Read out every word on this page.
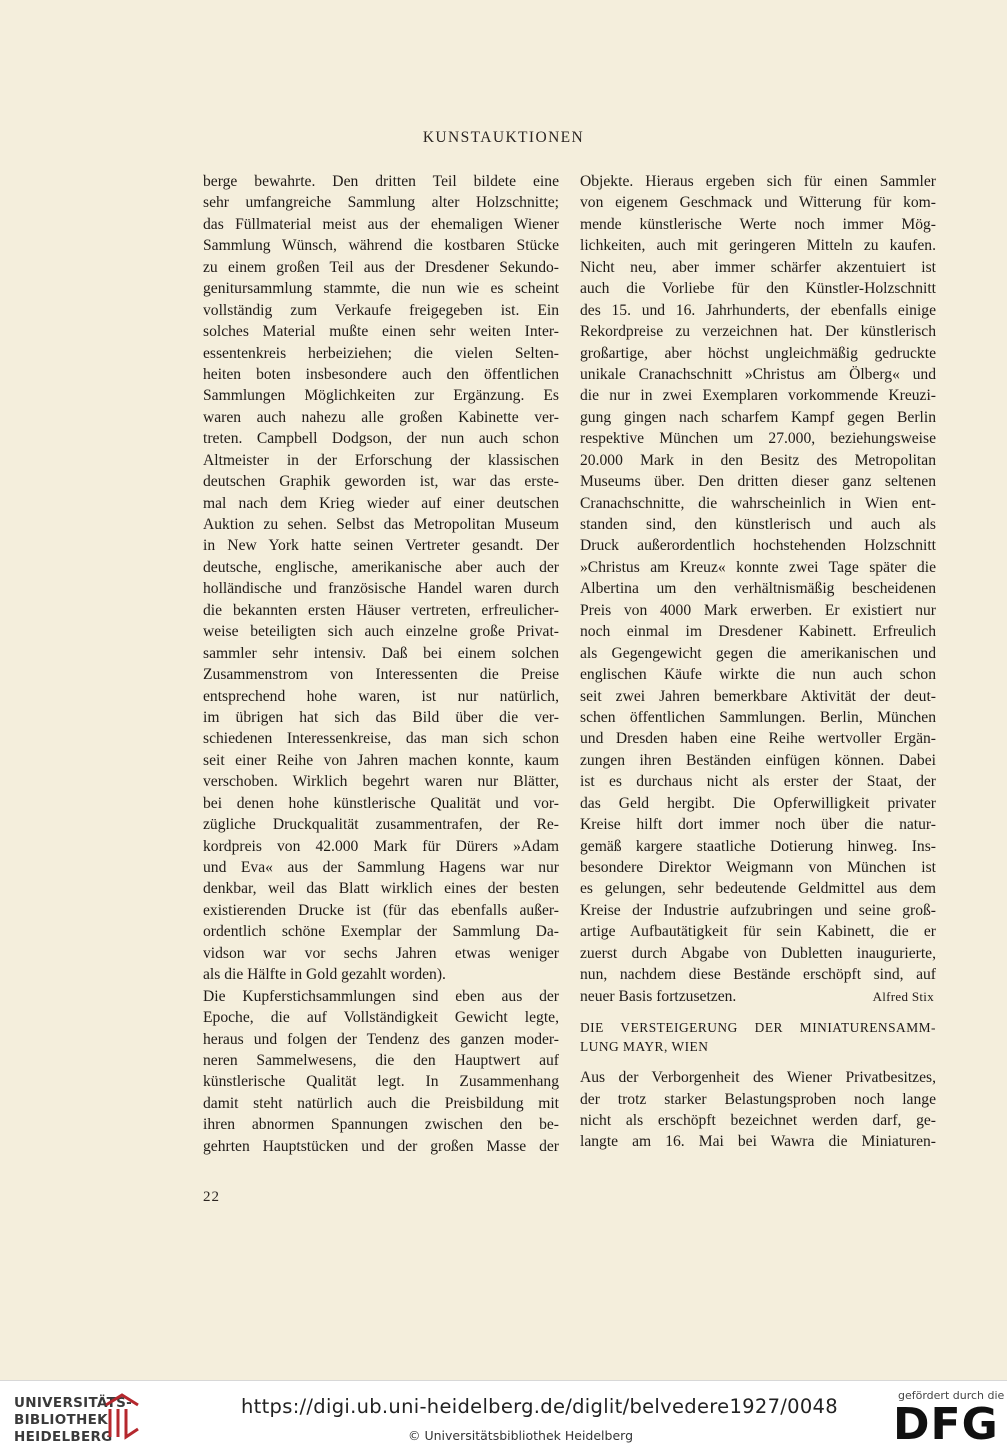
KUNSTAUKTIONEN
berge bewahrte. Den dritten Teil bildete eine
sehr umfangreiche Sammlung alter Holzschnitte;
das Füllmaterial meist aus der ehemaligen Wiener
Sammlung Wünsch, während die kostbaren Stücke
zu einem großen Teil aus der Dresdener Sekundo-
genitursammlung stammte, die nun wie es scheint
vollständig zum Verkaufe freigegeben ist. Ein
solches Material mußte einen sehr weiten Inter-
essentenkreis herbeiziehen; die vielen Selten-
heiten boten insbesondere auch den öffentlichen
Sammlungen Möglichkeiten zur Ergänzung. Es
waren auch nahezu alle großen Kabinette ver-
treten. Campbell Dodgson, der nun auch schon
Altmeister in der Erforschung der klassischen
deutschen Graphik geworden ist, war das erste-
mal nach dem Krieg wieder auf einer deutschen
Auktion zu sehen. Selbst das Metropolitan Museum
in New York hatte seinen Vertreter gesandt. Der
deutsche, englische, amerikanische aber auch der
holländische und französische Handel waren durch
die bekannten ersten Häuser vertreten, erfreulicher-
weise beteiligten sich auch einzelne große Privat-
sammler sehr intensiv. Daß bei einem solchen
Zusammenstrom von Interessenten die Preise
entsprechend hohe waren, ist nur natürlich,
im übrigen hat sich das Bild über die ver-
schiedenen Interessenkreise, das man sich schon
seit einer Reihe von Jahren machen konnte, kaum
verschoben. Wirklich begehrt waren nur Blätter,
bei denen hohe künstlerische Qualität und vor-
zügliche Druckqualität zusammentrafen, der Re-
kordpreis von 42.000 Mark für Dürers »Adam
und Eva« aus der Sammlung Hagens war nur
denkbar, weil das Blatt wirklich eines der besten
existierenden Drucke ist (für das ebenfalls außer-
ordentlich schöne Exemplar der Sammlung Da-
vidson war vor sechs Jahren etwas weniger
als die Hälfte in Gold gezahlt worden).
Die Kupferstichsammlungen sind eben aus der
Epoche, die auf Vollständigkeit Gewicht legte,
heraus und folgen der Tendenz des ganzen moder-
neren Sammelwesens, die den Hauptwert auf
künstlerische Qualität legt. In Zusammenhang
damit steht natürlich auch die Preisbildung mit
ihren abnormen Spannungen zwischen den be-
gehrten Hauptstücken und der großen Masse der
Objekte. Hieraus ergeben sich für einen Sammler
von eigenem Geschmack und Witterung für kom-
mende künstlerische Werte noch immer Mög-
lichkeiten, auch mit geringeren Mitteln zu kaufen.
Nicht neu, aber immer schärfer akzentuiert ist
auch die Vorliebe für den Künstler-Holzschnitt
des 15. und 16. Jahrhunderts, der ebenfalls einige
Rekordpreise zu verzeichnen hat. Der künstlerisch
großartige, aber höchst ungleichmäßig gedruckte
unikale Cranachschnitt »Christus am Ölberg« und
die nur in zwei Exemplaren vorkommende Kreuzi-
gung gingen nach scharfem Kampf gegen Berlin
respektive München um 27.000, beziehungsweise
20.000 Mark in den Besitz des Metropolitan
Museums über. Den dritten dieser ganz seltenen
Cranachschnitte, die wahrscheinlich in Wien ent-
standen sind, den künstlerisch und auch als
Druck außerordentlich hochstehenden Holzschnitt
»Christus am Kreuz« konnte zwei Tage später die
Albertina um den verhältnismäßig bescheidenen
Preis von 4000 Mark erwerben. Er existiert nur
noch einmal im Dresdener Kabinett. Erfreulich
als Gegengewicht gegen die amerikanischen und
englischen Käufe wirkte die nun auch schon
seit zwei Jahren bemerkbare Aktivität der deut-
schen öffentlichen Sammlungen. Berlin, München
und Dresden haben eine Reihe wertvoller Ergän-
zungen ihren Beständen einfügen können. Dabei
ist es durchaus nicht als erster der Staat, der
das Geld hergibt. Die Opferwilligkeit privater
Kreise hilft dort immer noch über die natur-
gemäß kargere staatliche Dotierung hinweg. Ins-
besondere Direktor Weigmann von München ist
es gelungen, sehr bedeutende Geldmittel aus dem
Kreise der Industrie aufzubringen und seine groß-
artige Aufbautätigkeit für sein Kabinett, die er
zuerst durch Abgabe von Dubletten inaugurierte,
nun, nachdem diese Bestände erschöpft sind, auf
neuer Basis fortzusetzen.	Alfred Stix
DIE VERSTEIGERUNG DER MINIATURENSAMM-
LUNG MAYR, WIEN
Aus der Verborgenheit des Wiener Privatbesitzes,
der trotz starker Belastungsproben noch lange
nicht als erschöpft bezeichnet werden darf, ge-
langte am 16. Mai bei Wawra die Miniaturen-
22
UNIVERSITÄTS-
BIBLIOTHEK
HEIDELBERG
https://digi.ub.uni-heidelberg.de/diglit/belvedere1927/0048
© Universitätsbibliothek Heidelberg
gefördert durch die
DFG
